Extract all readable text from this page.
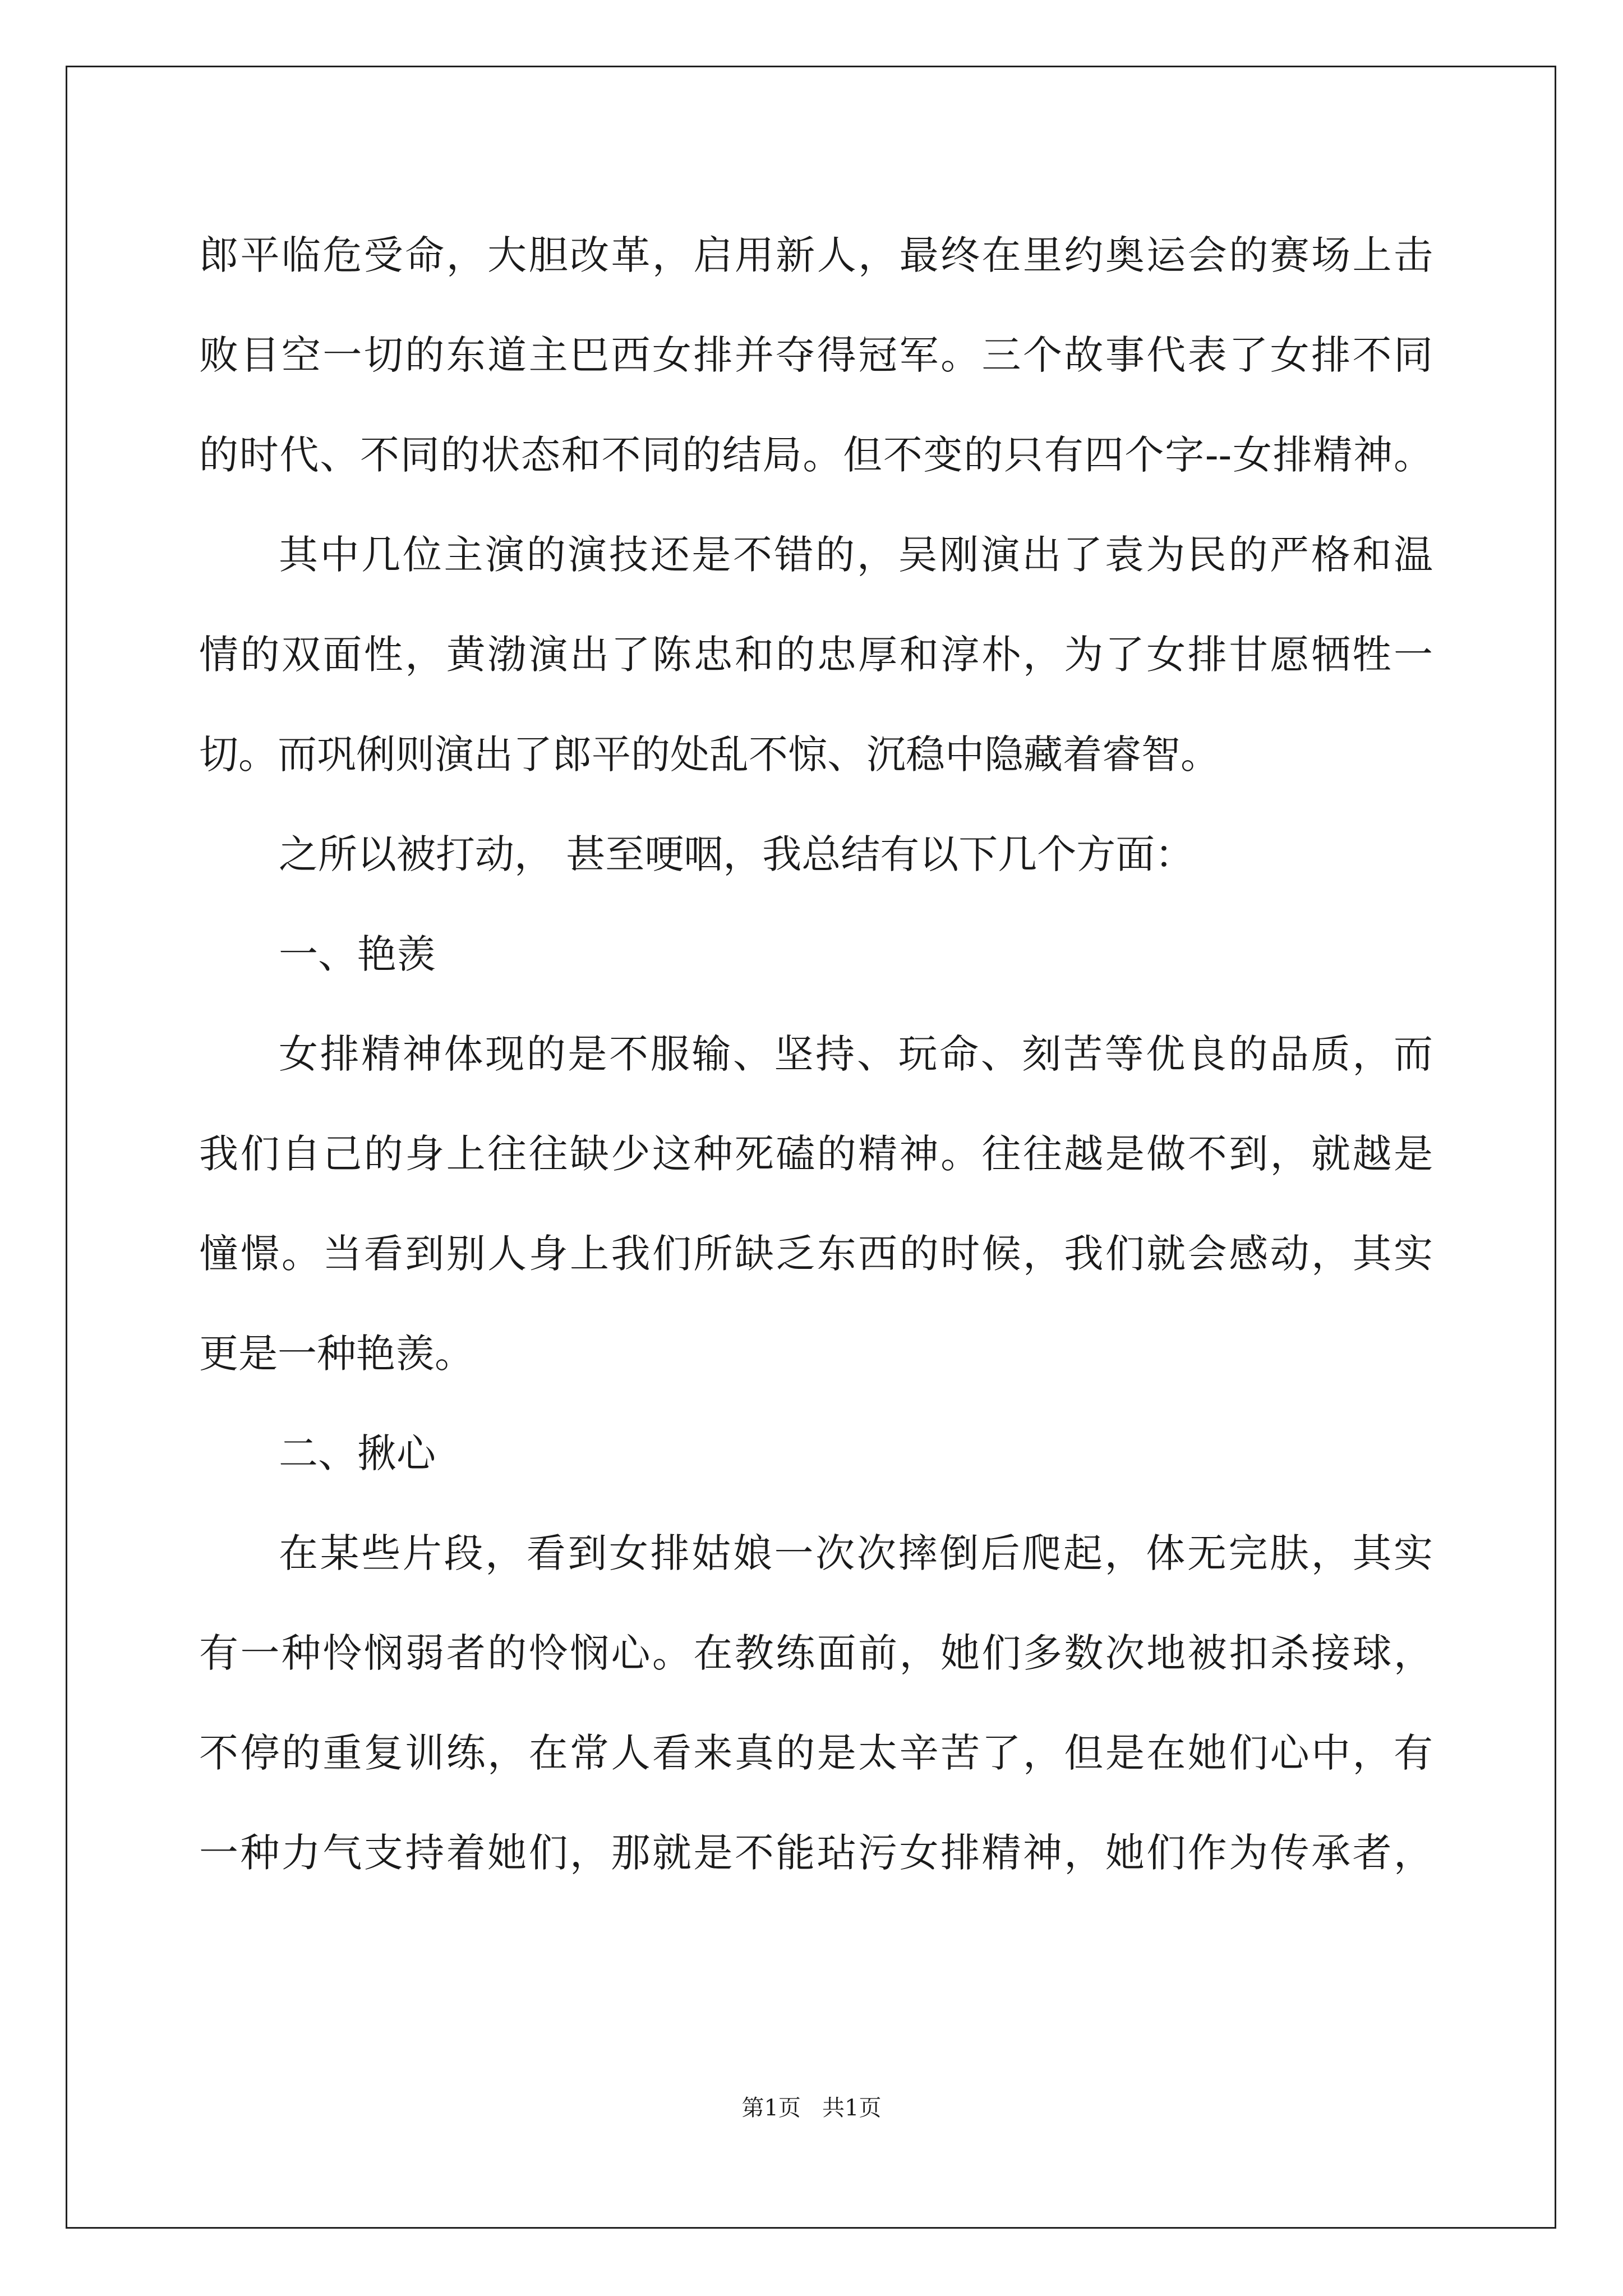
郎平临危受命，大胆改革，启用新人，最终在里约奥运会的赛场上击
败目空一切的东道主巴西女排并夺得冠军。三个故事代表了女排不同
的时代、不同的状态和不同的结局。但不变的只有四个字--女排精神。
其中几位主演的演技还是不错的，吴刚演出了袁为民的严格和温
情的双面性，黄渤演出了陈忠和的忠厚和淳朴，为了女排甘愿牺牲一
切。而巩俐则演出了郎平的处乱不惊、沉稳中隐藏着睿智。
之所以被打动， 甚至哽咽，我总结有以下几个方面：
一、艳羡
女排精神体现的是不服输、坚持、玩命、刻苦等优良的品质，而
我们自己的身上往往缺少这种死磕的精神。往往越是做不到，就越是
憧憬。当看到别人身上我们所缺乏东西的时候，我们就会感动，其实
更是一种艳羡。
二、揪心
在某些片段，看到女排姑娘一次次摔倒后爬起，体无完肤，其实
有一种怜悯弱者的怜悯心。在教练面前，她们多数次地被扣杀接球，
不停的重复训练，在常人看来真的是太辛苦了，但是在她们心中，有
一种力气支持着她们，那就是不能玷污女排精神，她们作为传承者，
第1页   共1页
